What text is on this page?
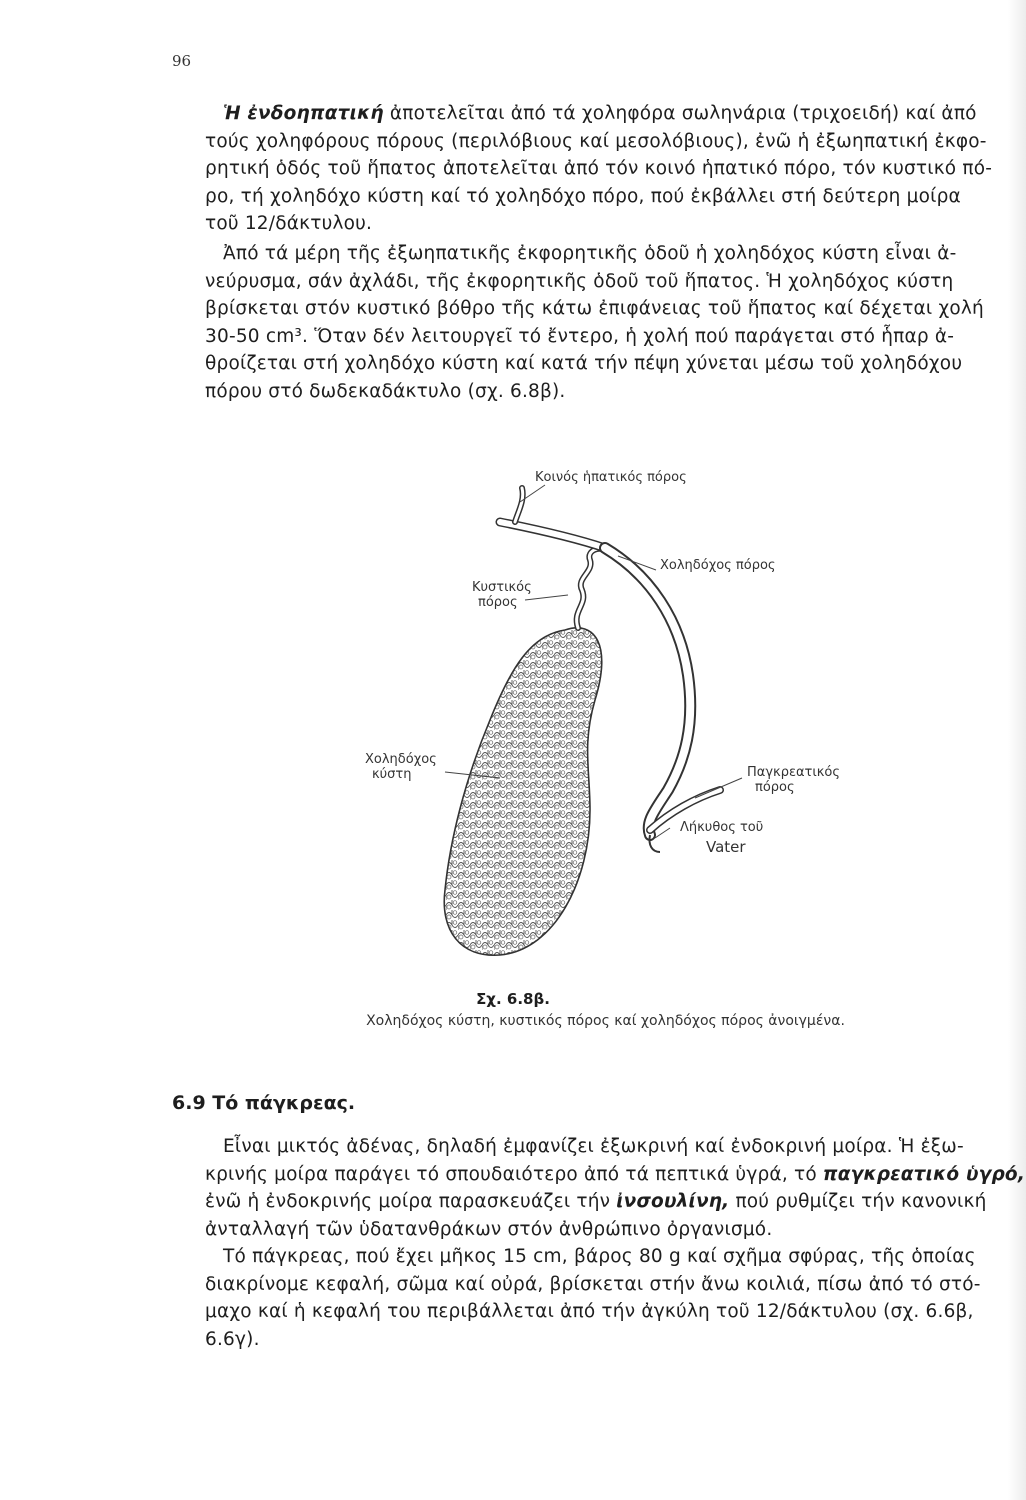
96
Ἡ ἐνδοηπατική ἀποτελεῖται ἀπό τά χοληφόρα σωληνάρια (τριχοειδή) καί ἀπό
τούς χοληφόρους πόρους (περιλόβιους καί μεσολόβιους), ἐνῶ ἡ ἐξωηπατική ἐκφο-
ρητική ὁδός τοῦ ἥπατος ἀποτελεῖται ἀπό τόν κοινό ἡπατικό πόρο, τόν κυστικό πό-
ρο, τή χοληδόχο κύστη καί τό χοληδόχο πόρο, πού ἐκβάλλει στή δεύτερη μοίρα
τοῦ 12/δάκτυλου.
Ἀπό τά μέρη τῆς ἐξωηπατικῆς ἐκφορητικῆς ὁδοῦ ἡ χοληδόχος κύστη εἶναι ἀ-
νεύρυσμα, σάν ἀχλάδι, τῆς ἐκφορητικῆς ὁδοῦ τοῦ ἥπατος. Ἡ χοληδόχος κύστη
βρίσκεται στόν κυστικό βόθρο τῆς κάτω ἐπιφάνειας τοῦ ἥπατος καί δέχεται χολή
30-50 cm³. Ὅταν δέν λειτουργεῖ τό ἔντερο, ἡ χολή πού παράγεται στό ἧπαρ ἀ-
θροίζεται στή χοληδόχο κύστη καί κατά τήν πέψη χύνεται μέσω τοῦ χοληδόχου
πόρου στό δωδεκαδάκτυλο (σχ. 6.8β).
Κοινός ἡπατικός πόρος
Χοληδόχος πόρος
Κυστικός
πόρος
Χοληδόχος
κύστη	Παγκρεατικός
πόρος
Λήκυθος τοῦ
Vater
Σχ. 6.8β.
Χοληδόχος κύστη, κυστικός πόρος καί χοληδόχος πόρος ἀνοιγμένα.
6.9 Τό πάγκρεας.
Εἶναι μικτός ἀδένας, δηλαδή ἐμφανίζει ἐξωκρινή καί ἐνδοκρινή μοίρα. Ἡ ἐξω-
κρινής μοίρα παράγει τό σπουδαιότερο ἀπό τά πεπτικά ὑγρά, τό παγκρεατικό ὑγρό,
ἐνῶ ἡ ἐνδοκρινής μοίρα παρασκευάζει τήν ἰνσουλίνη, πού ρυθμίζει τήν κανονική
ἀνταλλαγή τῶν ὑδατανθράκων στόν ἀνθρώπινο ὀργανισμό.
Τό πάγκρεας, πού ἔχει μῆκος 15 cm, βάρος 80 g καί σχῆμα σφύρας, τῆς ὁποίας
διακρίνομε κεφαλή, σῶμα καί οὐρά, βρίσκεται στήν ἄνω κοιλιά, πίσω ἀπό τό στό-
μαχο καί ἡ κεφαλή του περιβάλλεται ἀπό τήν ἀγκύλη τοῦ 12/δάκτυλου (σχ. 6.6β,
6.6γ).
